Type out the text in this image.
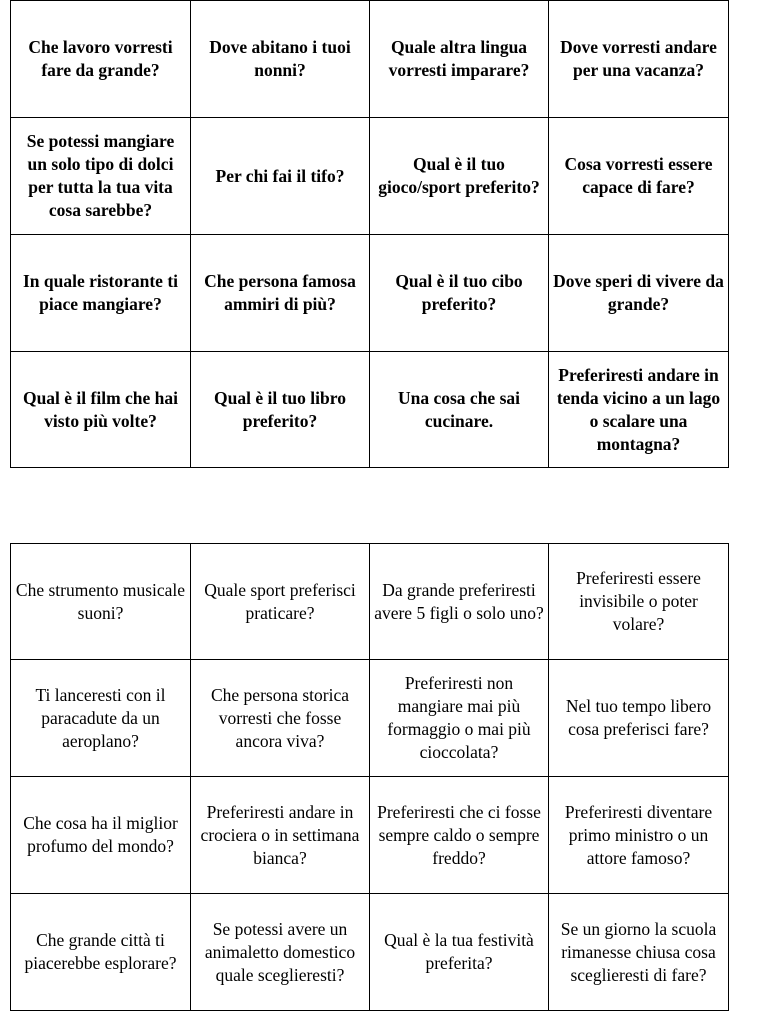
Che lavoro vorresti fare da grande?	Dove abitano i tuoi nonni?	Quale altra lingua vorresti imparare?	Dove vorresti andare per una vacanza?
Se potessi mangiare un solo tipo di dolci per tutta la tua vita cosa sarebbe?	Per chi fai il tifo?	Qual è il tuo gioco/sport preferito?	Cosa vorresti essere capace di fare?
In quale ristorante ti piace mangiare?	Che persona famosa ammiri di più?	Qual è il tuo cibo preferito?	Dove speri di vivere da grande?
Qual è il film che hai visto più volte?	Qual è il tuo libro preferito?	Una cosa che sai cucinare.	Preferiresti andare in tenda vicino a un lago o scalare una montagna?
Che strumento musicale suoni?	Quale sport preferisci praticare?	Da grande preferiresti avere 5 figli o solo uno?	Preferiresti essere invisibile o poter volare?
Ti lanceresti con il paracadute da un aeroplano?	Che persona storica vorresti che fosse ancora viva?	Preferiresti non mangiare mai più formaggio o mai più cioccolata?	Nel tuo tempo libero cosa preferisci fare?
Che cosa ha il miglior profumo del mondo?	Preferiresti andare in crociera o in settimana bianca?	Preferiresti che ci fosse sempre caldo o sempre freddo?	Preferiresti diventare primo ministro o un attore famoso?
Che grande città ti piacerebbe esplorare?	Se potessi avere un animaletto domestico quale sceglieresti?	Qual è la tua festività preferita?	Se un giorno la scuola rimanesse chiusa cosa sceglieresti di fare?
